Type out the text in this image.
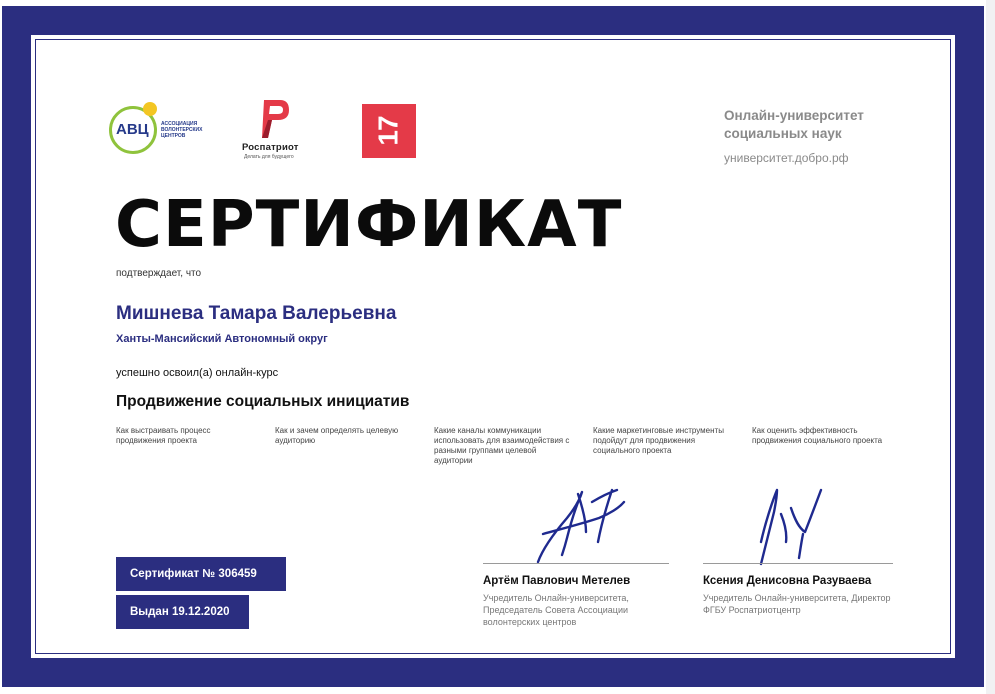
АВЦ АССОЦИАЦИЯ ВОЛОНТЕРСКИХ ЦЕНТРОВ
Роспатриот
Делать для будущего
17
Онлайн-университет социальных наук
университет.добро.рф
СЕРТИФИКАТ
подтверждает, что
Мишнева Тамара Валерьевна
Ханты-Мансийский Автономный округ
успешно освоил(а) онлайн-курс
Продвижение социальных инициатив
Как выстраивать процесс продвижения проекта
Как и зачем определять целевую аудиторию
Какие каналы коммуникации использовать для взаимодействия с разными группами целевой аудитории
Какие маркетинговые инструменты подойдут для продвижения социального проекта
Как оценить эффективность продвижения социального проекта
Сертификат № 306459
Выдан 19.12.2020
Артём Павлович Метелев
Учредитель Онлайн-университета, Председатель Совета Ассоциации волонтерских центров
Ксения Денисовна Разуваева
Учредитель Онлайн-университета, Директор ФГБУ Роспатриотцентр
